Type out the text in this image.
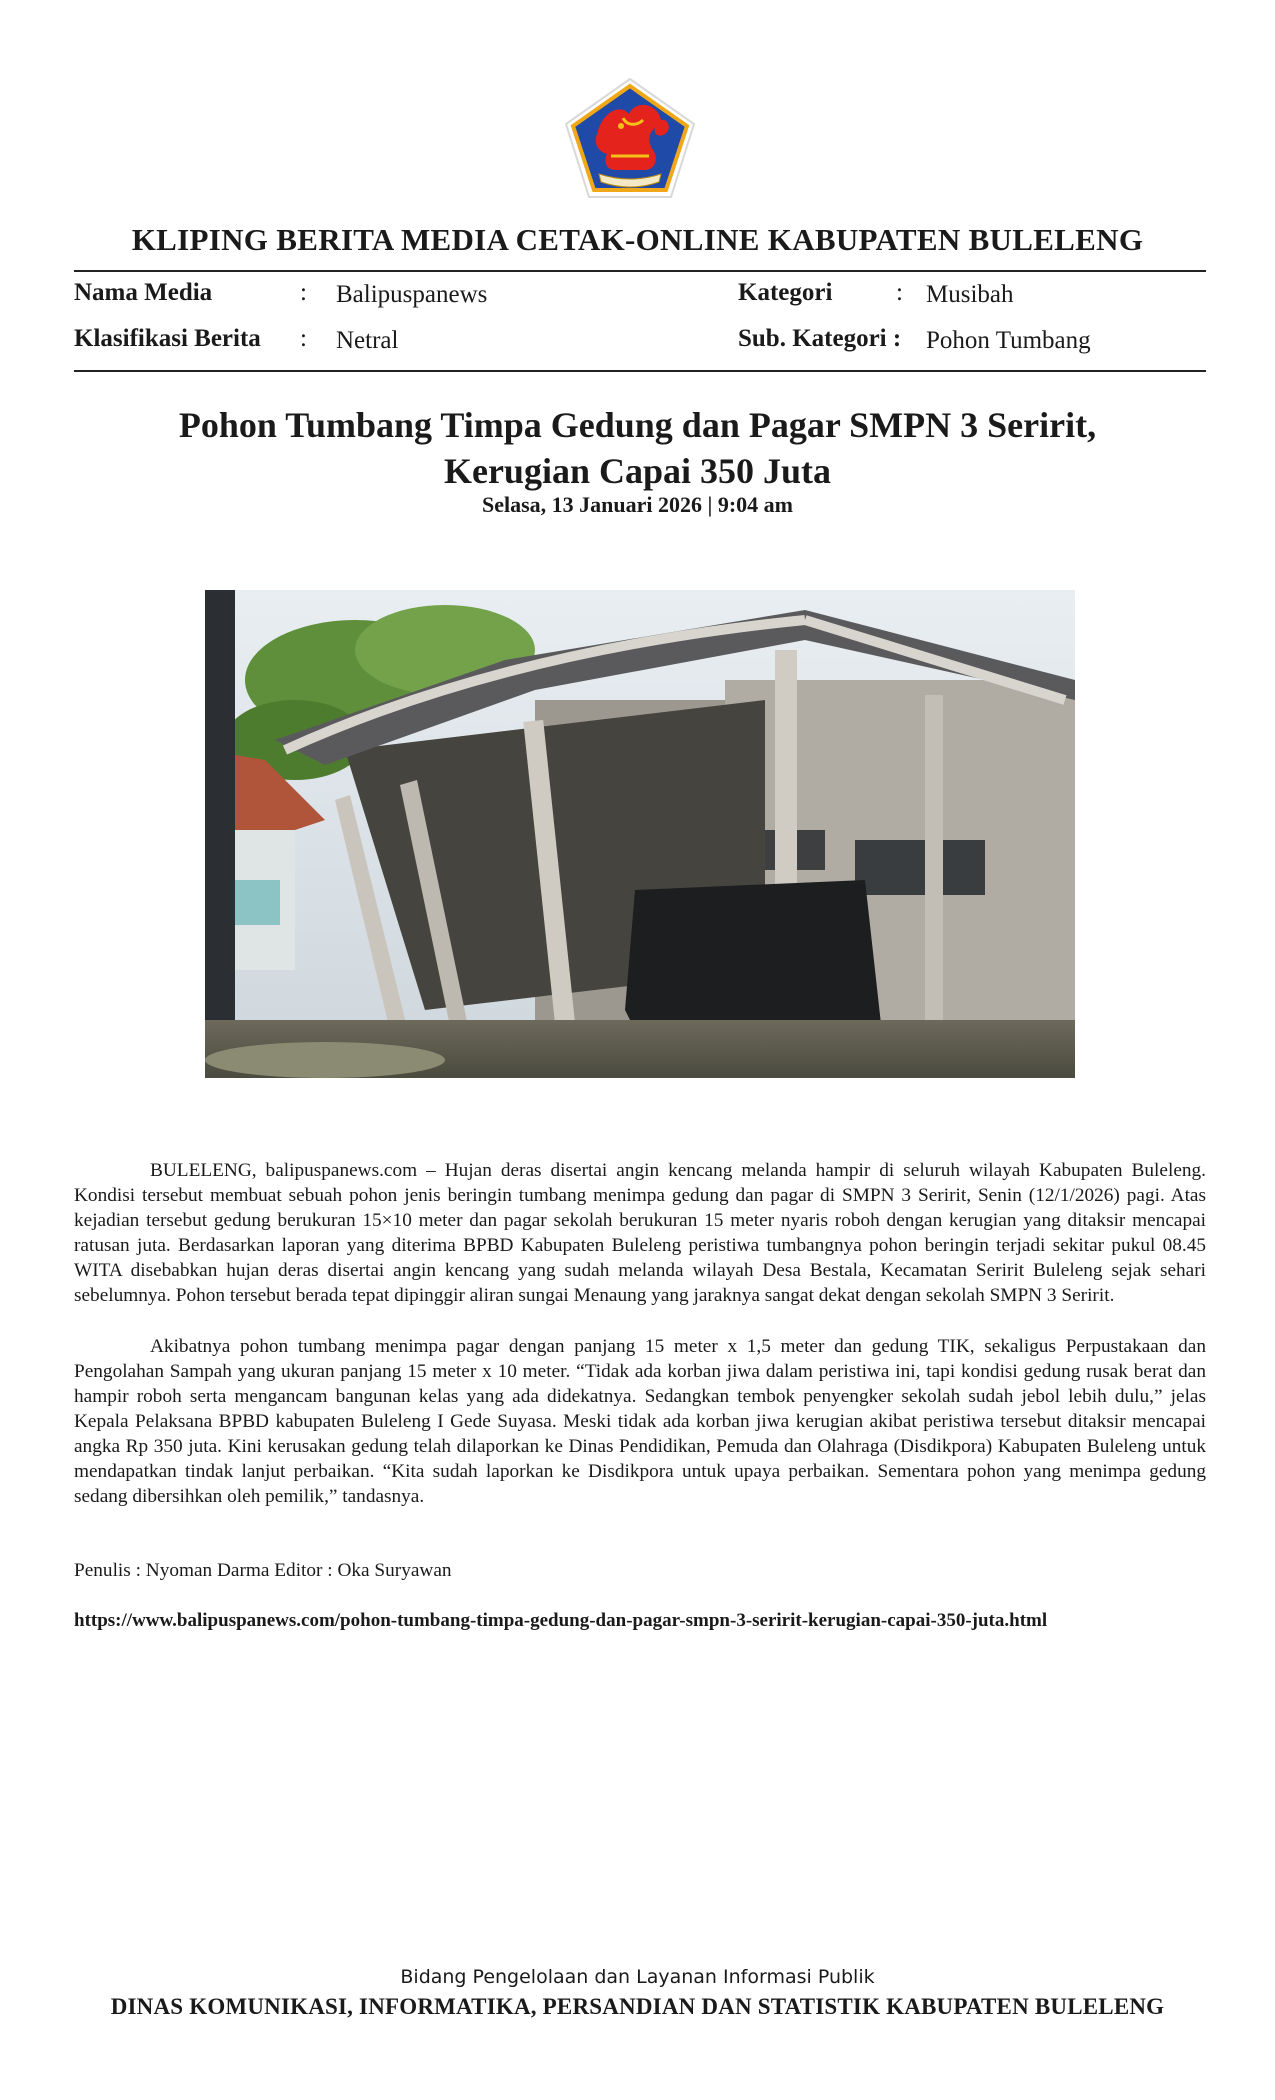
KLIPING BERITA MEDIA CETAK-ONLINE KABUPATEN BULELENG
Nama Media	: Balipuspanews
Klasifikasi Berita : Netral
Kategori	: Musibah
Sub. Kategori : Pohon Tumbang
Pohon Tumbang Timpa Gedung dan Pagar SMPN 3 Seririt,
Kerugian Capai 350 Juta
Selasa, 13 Januari 2026 | 9:04 am

BULELENG, balipuspanews.com – Hujan deras disertai angin kencang melanda hampir di seluruh wilayah Kabupaten Buleleng. Kondisi tersebut membuat sebuah pohon jenis beringin tumbang menimpa gedung dan pagar di SMPN 3 Seririt, Senin (12/1/2026) pagi. Atas kejadian tersebut gedung berukuran 15×10 meter dan pagar sekolah berukuran 15 meter nyaris roboh dengan kerugian yang ditaksir mencapai ratusan juta. Berdasarkan laporan yang diterima BPBD Kabupaten Buleleng peristiwa tumbangnya pohon beringin terjadi sekitar pukul 08.45 WITA disebabkan hujan deras disertai angin kencang yang sudah melanda wilayah Desa Bestala, Kecamatan Seririt Buleleng sejak sehari sebelumnya. Pohon tersebut berada tepat dipinggir aliran sungai Menaung yang jaraknya sangat dekat dengan sekolah SMPN 3 Seririt.

Akibatnya pohon tumbang menimpa pagar dengan panjang 15 meter x 1,5 meter dan gedung TIK, sekaligus Perpustakaan dan Pengolahan Sampah yang ukuran panjang 15 meter x 10 meter. “Tidak ada korban jiwa dalam peristiwa ini, tapi kondisi gedung rusak berat dan hampir roboh serta mengancam bangunan kelas yang ada didekatnya. Sedangkan tembok penyengker sekolah sudah jebol lebih dulu,” jelas Kepala Pelaksana BPBD kabupaten Buleleng I Gede Suyasa. Meski tidak ada korban jiwa kerugian akibat peristiwa tersebut ditaksir mencapai angka Rp 350 juta. Kini kerusakan gedung telah dilaporkan ke Dinas Pendidikan, Pemuda dan Olahraga (Disdikpora) Kabupaten Buleleng untuk mendapatkan tindak lanjut perbaikan. “Kita sudah laporkan ke Disdikpora untuk upaya perbaikan. Sementara pohon yang menimpa gedung sedang dibersihkan oleh pemilik,” tandasnya.

Penulis : Nyoman Darma Editor : Oka Suryawan
https://www.balipuspanews.com/pohon-tumbang-timpa-gedung-dan-pagar-smpn-3-seririt-kerugian-capai-350-juta.html
Bidang Pengelolaan dan Layanan Informasi Publik
DINAS KOMUNIKASI, INFORMATIKA, PERSANDIAN DAN STATISTIK KABUPATEN BULELENG
